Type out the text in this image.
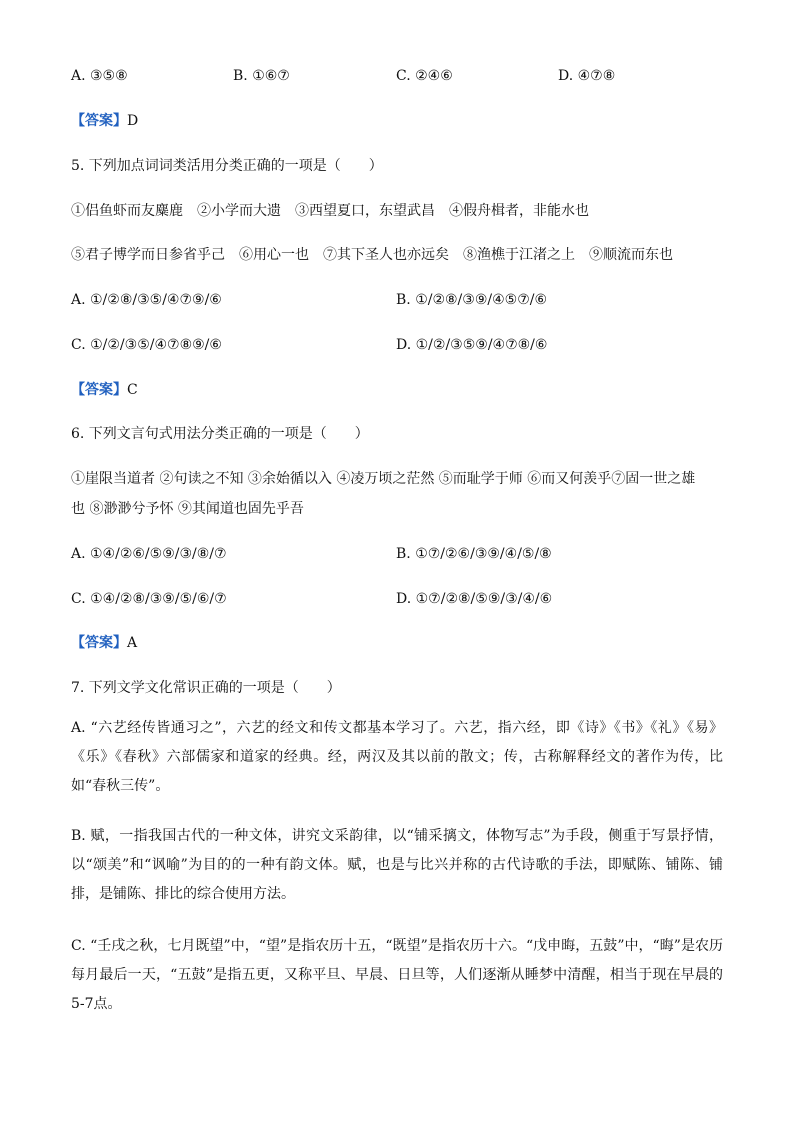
A. ③⑤⑧	B. ①⑥⑦	C. ②④⑥	D. ④⑦⑧
【答案】D
5. 下列加点词词类活用分类正确的一项是（　　）
①侣鱼虾而友麋鹿　②小学而大遗　③西望夏口，东望武昌　④假舟楫者，非能水也
⑤君子博学而日参省乎己　⑥用心一也　⑦其下圣人也亦远矣　⑧渔樵于江渚之上　⑨顺流而东也
A. ①/②⑧/③⑤/④⑦⑨/⑥	B. ①/②⑧/③⑨/④⑤⑦/⑥
C. ①/②/③⑤/④⑦⑧⑨/⑥	D. ①/②/③⑤⑨/④⑦⑧/⑥
【答案】C
6. 下列文言句式用法分类正确的一项是（　　）
①崖限当道者 ②句读之不知 ③余始循以入 ④凌万顷之茫然 ⑤而耻学于师 ⑥而又何羡乎⑦固一世之雄
也 ⑧渺渺兮予怀 ⑨其闻道也固先乎吾
A. ①④/②⑥/⑤⑨/③/⑧/⑦	B. ①⑦/②⑥/③⑨/④/⑤/⑧
C. ①④/②⑧/③⑨/⑤/⑥/⑦	D. ①⑦/②⑧/⑤⑨/③/④/⑥
【答案】A
7. 下列文学文化常识正确的一项是（　　）
A. “六艺经传皆通习之”，六艺的经文和传文都基本学习了。六艺，指六经，即《诗》《书》《礼》《易》《乐》《春秋》六部儒家和道家的经典。经，两汉及其以前的散文；传，古称解释经文的著作为传，比如“春秋三传”。
B. 赋，一指我国古代的一种文体，讲究文采韵律，以“铺采摛文，体物写志”为手段，侧重于写景抒情，以“颂美”和“讽喻”为目的的一种有韵文体。赋，也是与比兴并称的古代诗歌的手法，即赋陈、铺陈、铺排，是铺陈、排比的综合使用方法。
C. “壬戌之秋，七月既望”中，“望”是指农历十五，“既望”是指农历十六。“戊申晦，五鼓”中，“晦”是农历每月最后一天，“五鼓”是指五更，又称平旦、早晨、日旦等，人们逐渐从睡梦中清醒，相当于现在早晨的5-7点。
